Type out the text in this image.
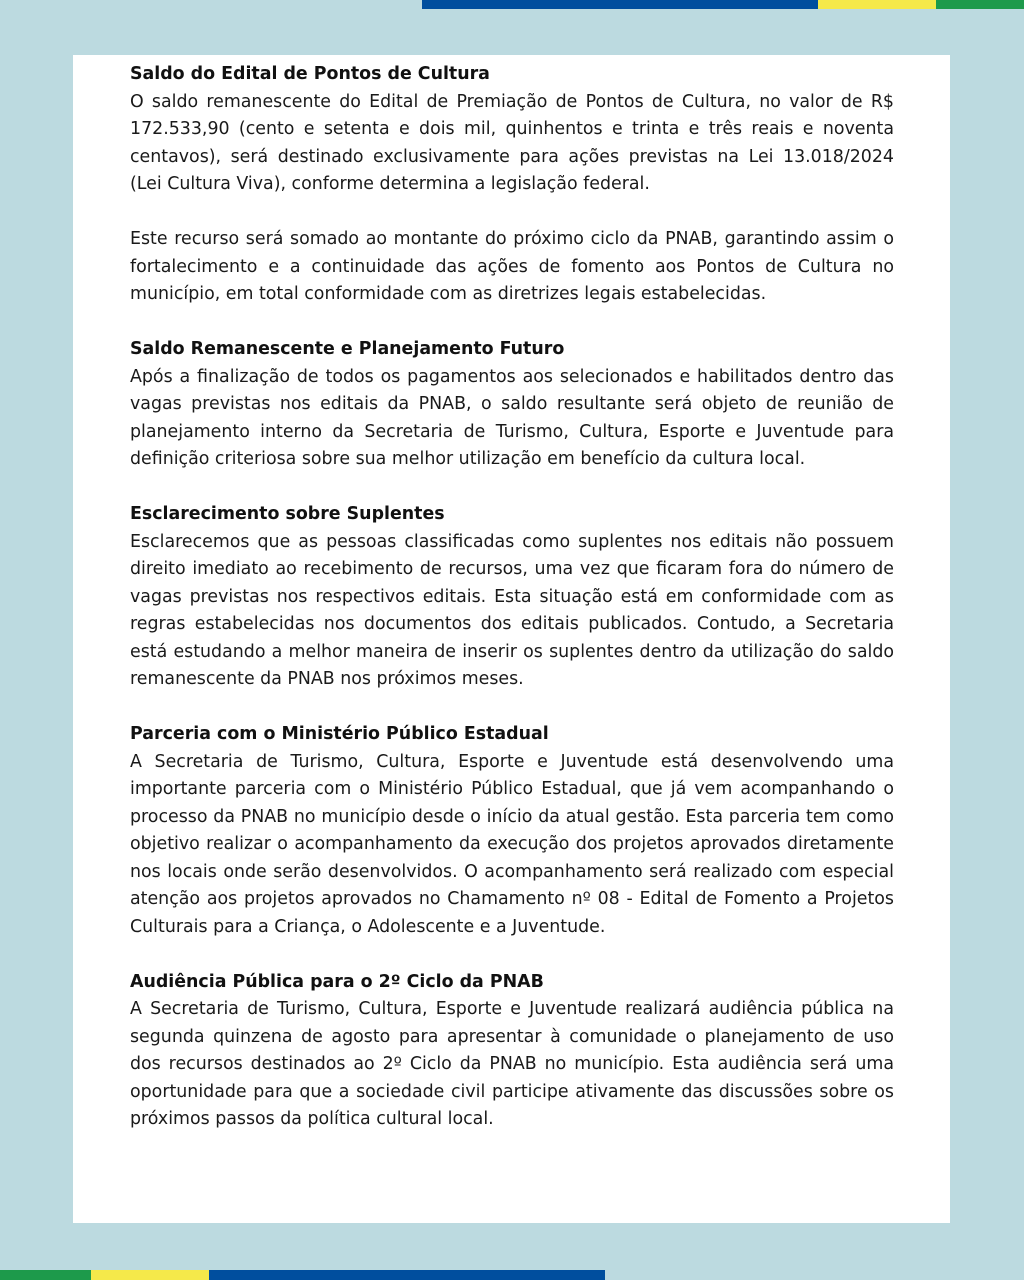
Saldo do Edital de Pontos de Cultura

O saldo remanescente do Edital de Premiação de Pontos de Cultura, no valor de R$ 172.533,90 (cento e setenta e dois mil, quinhentos e trinta e três reais e noventa centavos), será destinado exclusivamente para ações previstas na Lei 13.018/2024 (Lei Cultura Viva), conforme determina a legislação federal.

Este recurso será somado ao montante do próximo ciclo da PNAB, garantindo assim o fortalecimento e a continuidade das ações de fomento aos Pontos de Cultura no município, em total conformidade com as diretrizes legais estabelecidas.

Saldo Remanescente e Planejamento Futuro

Após a finalização de todos os pagamentos aos selecionados e habilitados dentro das vagas previstas nos editais da PNAB, o saldo resultante será objeto de reunião de planejamento interno da Secretaria de Turismo, Cultura, Esporte e Juventude para definição criteriosa sobre sua melhor utilização em benefício da cultura local.

Esclarecimento sobre Suplentes

Esclarecemos que as pessoas classificadas como suplentes nos editais não possuem direito imediato ao recebimento de recursos, uma vez que ficaram fora do número de vagas previstas nos respectivos editais. Esta situação está em conformidade com as regras estabelecidas nos documentos dos editais publicados. Contudo, a Secretaria está estudando a melhor maneira de inserir os suplentes dentro da utilização do saldo remanescente da PNAB nos próximos meses.

Parceria com o Ministério Público Estadual

A Secretaria de Turismo, Cultura, Esporte e Juventude está desenvolvendo uma importante parceria com o Ministério Público Estadual, que já vem acompanhando o processo da PNAB no município desde o início da atual gestão. Esta parceria tem como objetivo realizar o acompanhamento da execução dos projetos aprovados diretamente nos locais onde serão desenvolvidos. O acompanhamento será realizado com especial atenção aos projetos aprovados no Chamamento nº 08 - Edital de Fomento a Projetos Culturais para a Criança, o Adolescente e a Juventude.

Audiência Pública para o 2º Ciclo da PNAB

A Secretaria de Turismo, Cultura, Esporte e Juventude realizará audiência pública na segunda quinzena de agosto para apresentar à comunidade o planejamento de uso dos recursos destinados ao 2º Ciclo da PNAB no município. Esta audiência será uma oportunidade para que a sociedade civil participe ativamente das discussões sobre os próximos passos da política cultural local.
